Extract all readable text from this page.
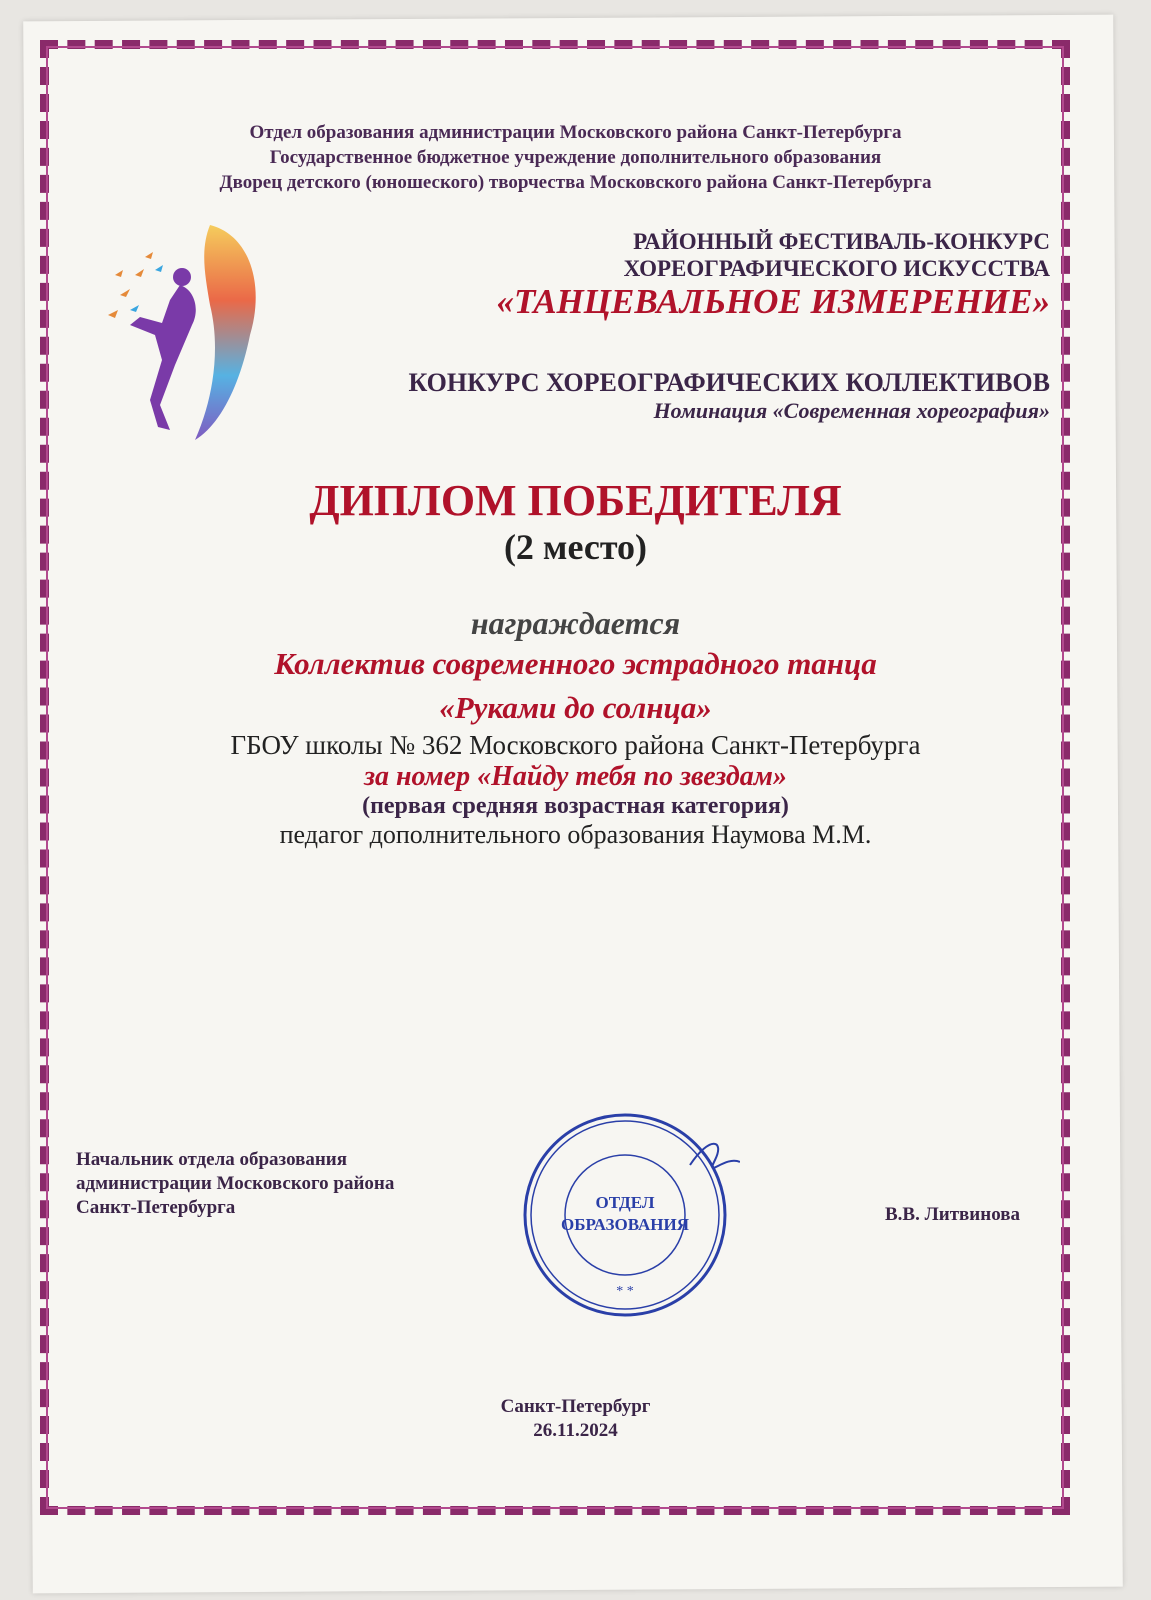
Отдел образования администрации Московского района Санкт-Петербурга
Государственное бюджетное учреждение дополнительного образования
Дворец детского (юношеского) творчества Московского района Санкт-Петербурга
РАЙОННЫЙ ФЕСТИВАЛЬ-КОНКУРС
ХОРЕОГРАФИЧЕСКОГО ИСКУССТВА
«ТАНЦЕВАЛЬНОЕ ИЗМЕРЕНИЕ»
КОНКУРС ХОРЕОГРАФИЧЕСКИХ КОЛЛЕКТИВОВ
Номинация «Современная хореография»
ДИПЛОМ ПОБЕДИТЕЛЯ
(2 место)
награждается
Коллектив современного эстрадного танца
«Руками до солнца»
ГБОУ школы № 362 Московского района Санкт-Петербурга
за номер «Найду тебя по звездам»
(первая средняя возрастная категория)
педагог дополнительного образования Наумова М.М.
Начальник отдела образования
администрации Московского района
Санкт-Петербурга	ОТДЕЛ
ОБРАЗОВАНИЯ
* *
В.В. Литвинова
Санкт-Петербург
26.11.2024
